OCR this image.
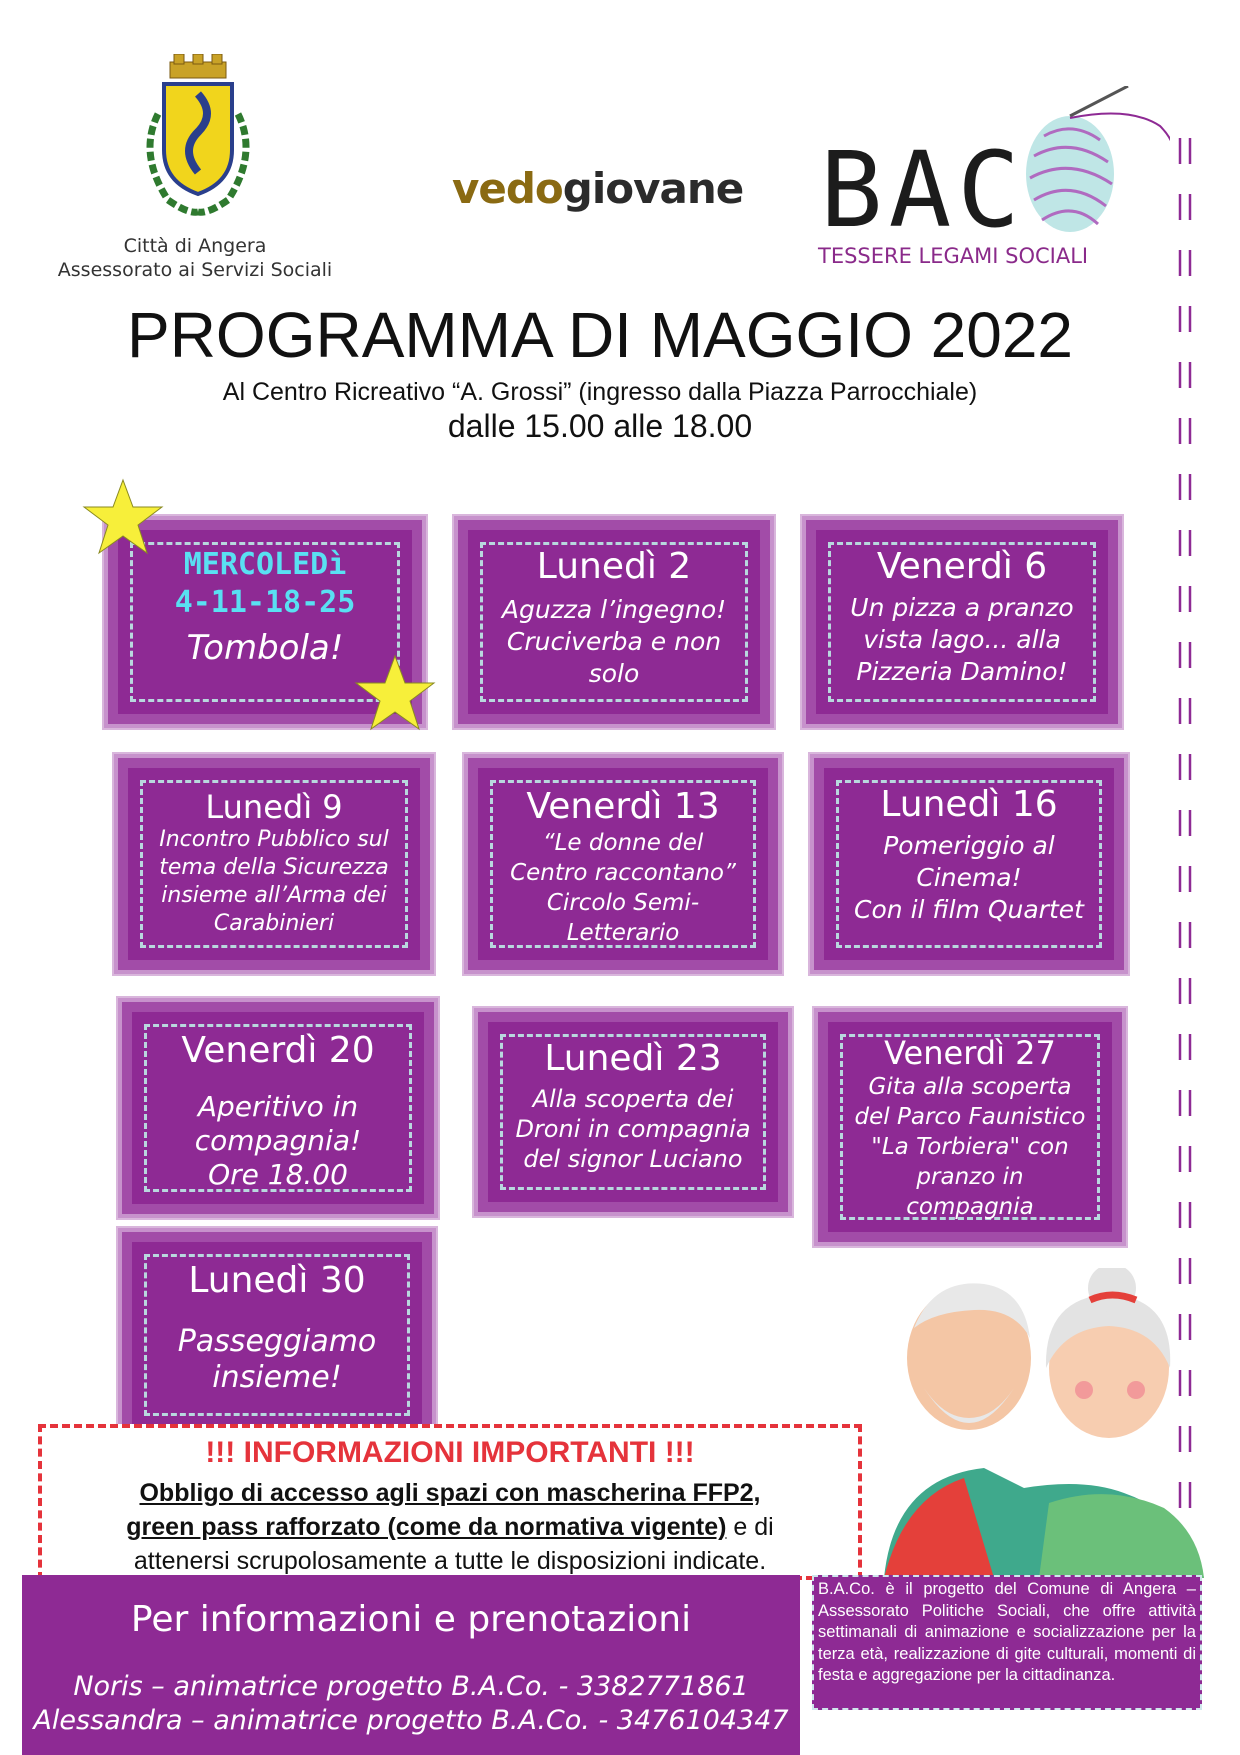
Città di Angera
Assessorato ai Servizi Sociali
vedogiovane BAC
TESSERE LEGAMI SOCIALI
PROGRAMMA DI MAGGIO 2022
Al Centro Ricreativo “A. Grossi” (ingresso dalla Piazza Parrocchiale)
dalle 15.00 alle 18.00
MERCOLEDì
4-11-18-25
Tombola!
Lunedì 2
Aguzza l’ingegno!
Cruciverba e non
solo
Venerdì 6
Un pizza a pranzo
vista lago... alla
Pizzeria Damino!
Lunedì 9
Incontro Pubblico sul
tema della Sicurezza
insieme all’Arma dei
Carabinieri
Venerdì 13
“Le donne del
Centro raccontano”
Circolo Semi-
Letterario
Lunedì 16
Pomeriggio al
Cinema!
Con il film Quartet
Venerdì 20
Aperitivo in
compagnia!
Ore 18.00
Lunedì 23
Alla scoperta dei
Droni in compagnia
del signor Luciano
Venerdì 27
Gita alla scoperta
del Parco Faunistico
"La Torbiera" con
pranzo in
compagnia
Lunedì 30
Passeggiamo
insieme!
!!! INFORMAZIONI IMPORTANTI !!!
Obbligo di accesso agli spazi con mascherina FFP2,
green pass rafforzato (come da normativa vigente) e di
attenersi scrupolosamente a tutte le disposizioni indicate.
Per informazioni e prenotazioni
Noris – animatrice progetto B.A.Co. - 3382771861
Alessandra – animatrice progetto B.A.Co. - 3476104347
B.A.Co. è il progetto del Comune di Angera – Assessorato Politiche Sociali, che offre attività settimanali di animazione e socializzazione per la terza età, realizzazione di gite culturali, momenti di festa e aggregazione per la cittadinanza.
